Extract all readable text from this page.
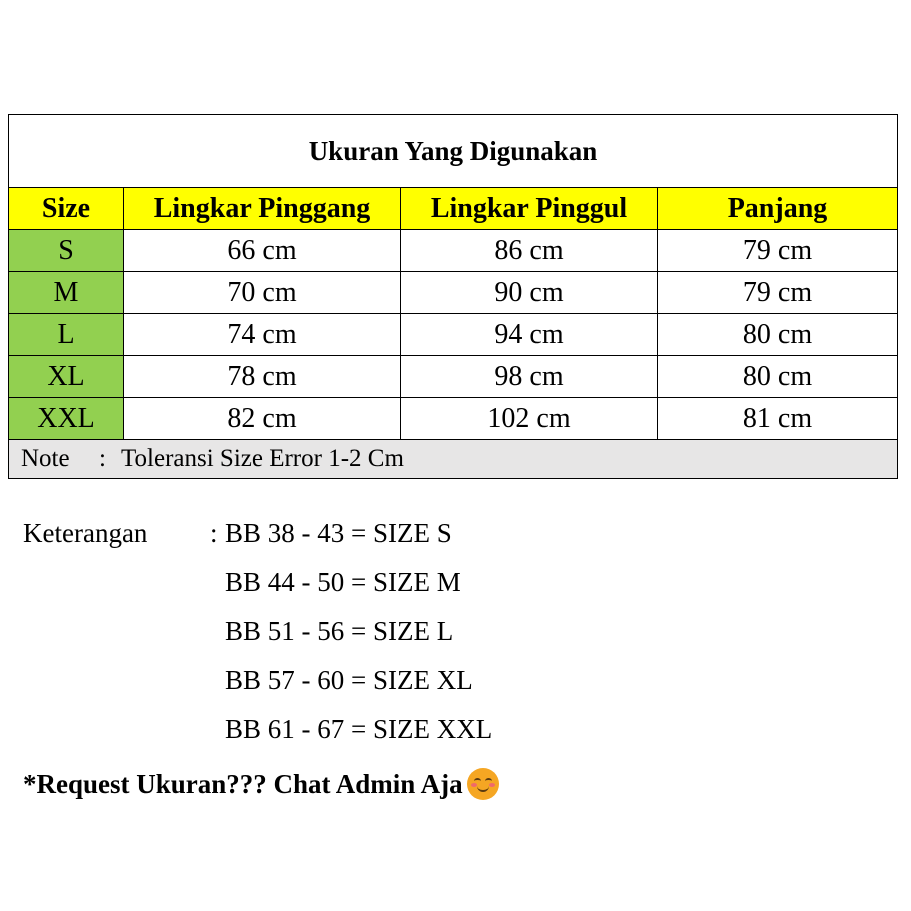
Ukuran Yang Digunakan			
Size	Lingkar Pinggang	Lingkar Pinggul	Panjang
S	66 cm	86 cm	79 cm
M	70 cm	90 cm	79 cm
L	74 cm	94 cm	80 cm
XL	78 cm	98 cm	80 cm
XXL	82 cm	102 cm	81 cm
Note : Toleransi Size Error 1-2 Cm			
Keterangan	: BB 38 - 43 = SIZE S
BB 44 - 50 = SIZE M
BB 51 - 56 = SIZE L
BB 57 - 60 = SIZE XL
BB 61 - 67 = SIZE XXL
*Request Ukuran??? Chat Admin Aja
